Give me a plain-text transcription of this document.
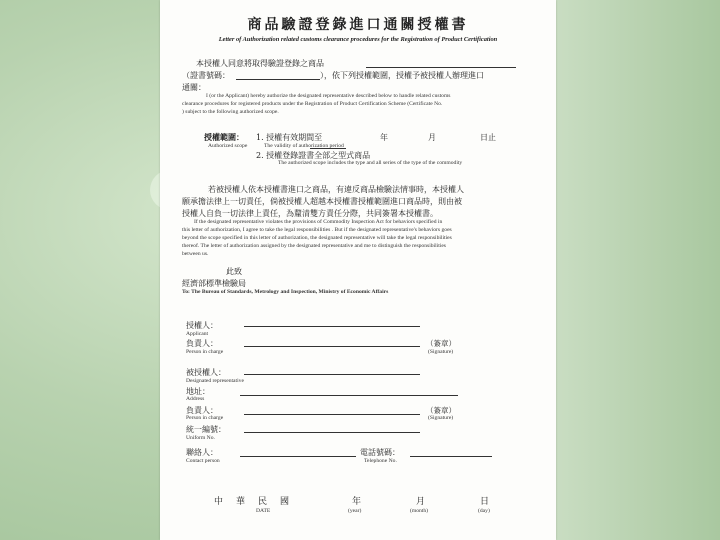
商品驗證登錄進口通關授權書
Letter of Authorization related customs clearance procedures for the Registration of Product Certification
本授權人同意將取得驗證登錄之商品
（證書號碼：	），依下列授權範圍，授權予被授權人辦理進口
通關：
I (or the Applicant) hereby authorize the designated representative described below to handle related customs
clearance procedures for registered products under the Registration of Product Certification Scheme (Certificate No.
) subject to the following authorized scope.
授權範圍：
Authorized scope
1. 授權有效期間至	年	月	日止
The validity of authorization period
2. 授權登錄證書全部之型式商品
The authorized scope includes the type and all series of the type of the commodity
若被授權人依本授權書進口之商品，有違反商品檢驗法情事時，本授權人
願承擔法律上一切責任，倘被授權人超越本授權書授權範圍進口商品時，則由被
授權人自負一切法律上責任，為釐清雙方責任分際，共同簽署本授權書。
If the designated representative violates the provisions of Commodity Inspection Act for behaviors specified in
this letter of authorization, I agree to take the legal responsibilities . But if the designated representative's behaviors goes
beyond the scope specified in this letter of authorization, the designated representative will take the legal responsibilities
thereof. The letter of authorization assigned by the designated representative and me to distinguish the responsibilities
between us.
此致
經濟部標準檢驗局
To: The Bureau of Standards, Metrology and Inspection, Ministry of Economic Affairs
授權人：
Applicant
負責人：
Person in charge
（簽章）
(Signature)
被授權人：
Designated representative
地址：
Address
負責人：
Person in charge
（簽章）
(Signature)
統一編號：
Uniform No.
聯絡人：
Contact person
電話號碼：
Telephone No.
中　華　民　國	年	月	日
DATE	(year)	(month)	(day)
